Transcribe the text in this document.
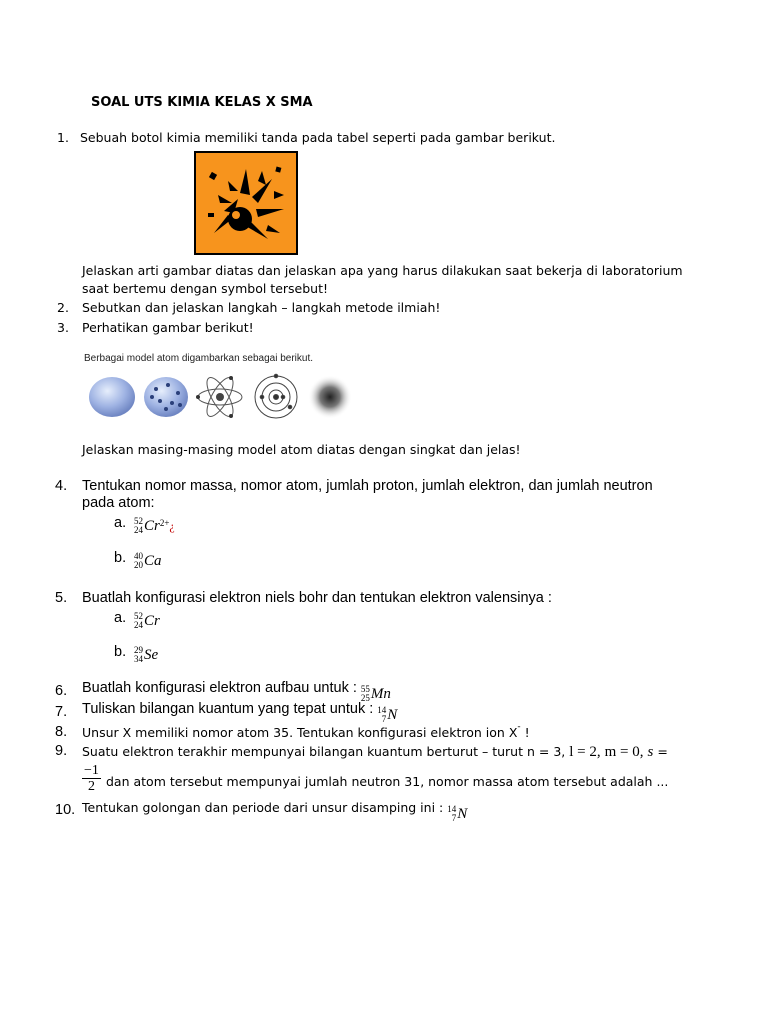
SOAL UTS KIMIA KELAS X SMA
1. Sebuah botol kimia memiliki tanda pada tabel seperti pada gambar berikut.
Jelaskan arti gambar diatas dan jelaskan apa yang harus dilakukan saat bekerja di laboratorium
saat bertemu dengan symbol tersebut!
2. Sebutkan dan jelaskan langkah – langkah metode ilmiah!
3. Perhatikan gambar berikut!
Berbagai model atom digambarkan sebagai berikut.
Jelaskan masing-masing model atom diatas dengan singkat dan jelas!
4. Tentukan nomor massa, nomor atom, jumlah proton, jumlah elektron, dan jumlah neutron
pada atom:
a. 52
24 Cr 2+ ¿
b. 40
20 Ca
5. Buatlah konfigurasi elektron niels bohr dan tentukan elektron valensinya :
a. 52
24 Cr
b. 29
34 Se
6. Buatlah konfigurasi elektron aufbau untuk : 55
25 Mn
7. Tuliskan bilangan kuantum yang tepat untuk : 14
7 N
8. Unsur X memiliki nomor atom 35. Tentukan konfigurasi elektron ion X- !
9. Suatu elektron terakhir mempunyai bilangan kuantum berturut – turut n = 3, l = 2, m = 0, s =
$\frac{-1}{2}$ dan atom tersebut mempunyai jumlah neutron 31, nomor massa atom tersebut adalah ...
10. Tentukan golongan dan periode dari unsur disamping ini : 14
7 N
